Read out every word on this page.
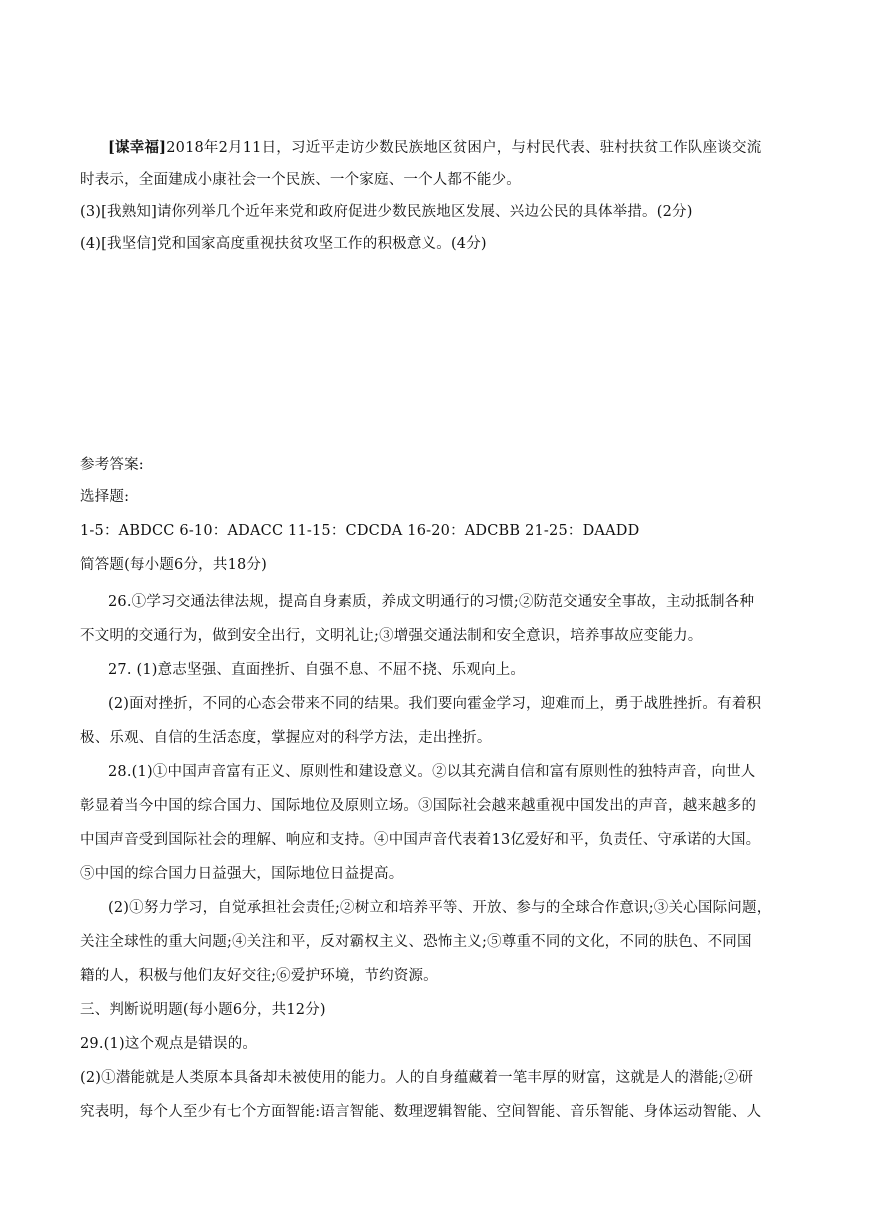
[谋幸福]2018年2月11日，习近平走访少数民族地区贫困户，与村民代表、驻村扶贫工作队座谈交流
时表示，全面建成小康社会一个民族、一个家庭、一个人都不能少。
(3)[我熟知]请你列举几个近年来党和政府促进少数民族地区发展、兴边公民的具体举措。(2分)
(4)[我坚信]党和国家高度重视扶贫攻坚工作的积极意义。(4分)
参考答案:
选择题:
1-5：ABDCC 6-10：ADACC 11-15：CDCDA 16-20：ADCBB 21-25：DAADD
简答题(每小题6分，共18分)
26.①学习交通法律法规，提高自身素质，养成文明通行的习惯;②防范交通安全事故，主动抵制各种
不文明的交通行为，做到安全出行，文明礼让;③增强交通法制和安全意识，培养事故应变能力。
27. (1)意志坚强、直面挫折、自强不息、不屈不挠、乐观向上。
(2)面对挫折，不同的心态会带来不同的结果。我们要向霍金学习，迎难而上，勇于战胜挫折。有着积
极、乐观、自信的生活态度，掌握应对的科学方法，走出挫折。
28.(1)①中国声音富有正义、原则性和建设意义。②以其充满自信和富有原则性的独特声音，向世人
彰显着当今中国的综合国力、国际地位及原则立场。③国际社会越来越重视中国发出的声音，越来越多的
中国声音受到国际社会的理解、响应和支持。④中国声音代表着13亿爱好和平，负责任、守承诺的大国。
⑤中国的综合国力日益强大，国际地位日益提高。
(2)①努力学习，自觉承担社会责任;②树立和培养平等、开放、参与的全球合作意识;③关心国际问题，
关注全球性的重大问题;④关注和平，反对霸权主义、恐怖主义;⑤尊重不同的文化，不同的肤色、不同国
籍的人，积极与他们友好交往;⑥爱护环境，节约资源。
三、判断说明题(每小题6分，共12分)
29.(1)这个观点是错误的。
(2)①潜能就是人类原本具备却未被使用的能力。人的自身蕴藏着一笔丰厚的财富，这就是人的潜能;②研
究表明，每个人至少有七个方面智能:语言智能、数理逻辑智能、空间智能、音乐智能、身体运动智能、人
